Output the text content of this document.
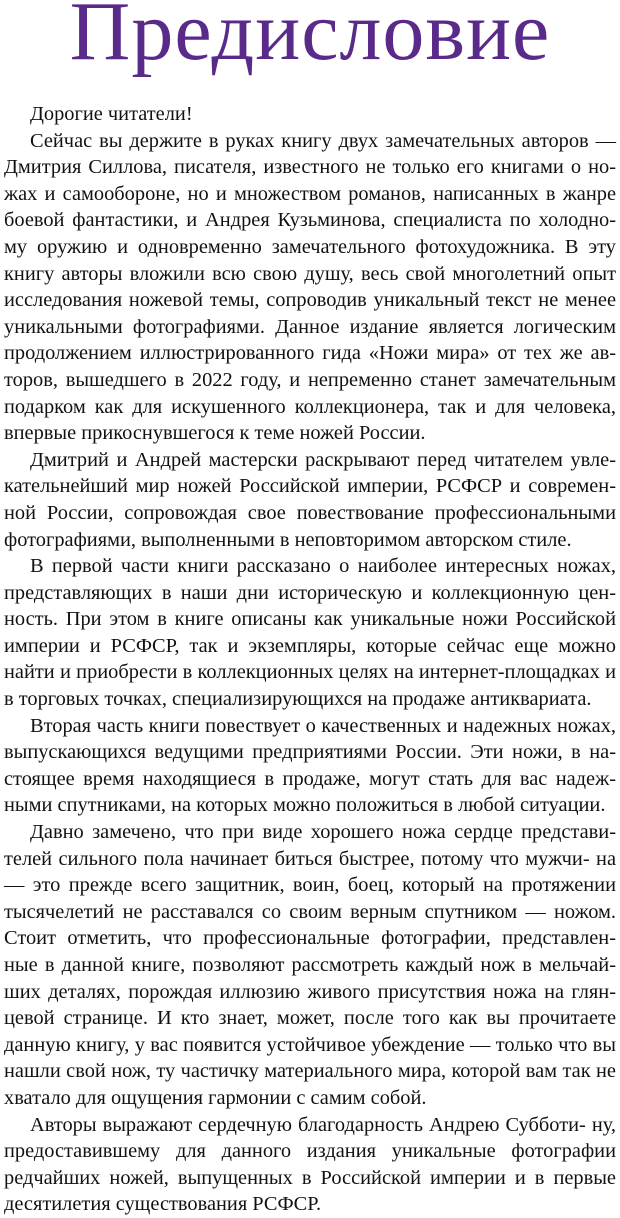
Предисловие

Дорогие читатели!

Сейчас вы держите в руках книгу двух замечательных авторов — Дмитрия Силлова, писателя, известного не только его книгами о но- жах и самообороне, но и множеством романов, написанных в жанре боевой фантастики, и Андрея Кузьминова, специалиста по холодно- му оружию и одновременно замечательного фотохудожника. В эту книгу авторы вложили всю свою душу, весь свой многолетний опыт исследования ножевой темы, сопроводив уникальный текст не менее уникальными фотографиями. Данное издание является логическим продолжением иллюстрированного гида «Ножи мира» от тех же ав- торов, вышедшего в 2022 году, и непременно станет замечательным подарком как для искушенного коллекционера, так и для человека, впервые прикоснувшегося к теме ножей России.

Дмитрий и Андрей мастерски раскрывают перед читателем увле- кательнейший мир ножей Российской империи, РСФСР и современ- ной России, сопровождая свое повествование профессиональными фотографиями, выполненными в неповторимом авторском стиле.

В первой части книги рассказано о наиболее интересных ножах, представляющих в наши дни историческую и коллекционную цен- ность. При этом в книге описаны как уникальные ножи Российской империи и РСФСР, так и экземпляры, которые сейчас еще можно найти и приобрести в коллекционных целях на интернет-площадках и в торговых точках, специализирующихся на продаже антиквариата.

Вторая часть книги повествует о качественных и надежных ножах, выпускающихся ведущими предприятиями России. Эти ножи, в на- стоящее время находящиеся в продаже, могут стать для вас надеж- ными спутниками, на которых можно положиться в любой ситуации.

Давно замечено, что при виде хорошего ножа сердце представи- телей сильного пола начинает биться быстрее, потому что мужчи- на — это прежде всего защитник, воин, боец, который на протяжении тысячелетий не расставался со своим верным спутником — ножом. Стоит отметить, что профессиональные фотографии, представлен- ные в данной книге, позволяют рассмотреть каждый нож в мельчай- ших деталях, порождая иллюзию живого присутствия ножа на глян- цевой странице. И кто знает, может, после того как вы прочитаете данную книгу, у вас появится устойчивое убеждение — только что вы нашли свой нож, ту частичку материального мира, которой вам так не хватало для ощущения гармонии с самим собой.

Авторы выражают сердечную благодарность Андрею Субботи- ну, предоставившему для данного издания уникальные фотографии редчайших ножей, выпущенных в Российской империи и в первые десятилетия существования РСФСР.
